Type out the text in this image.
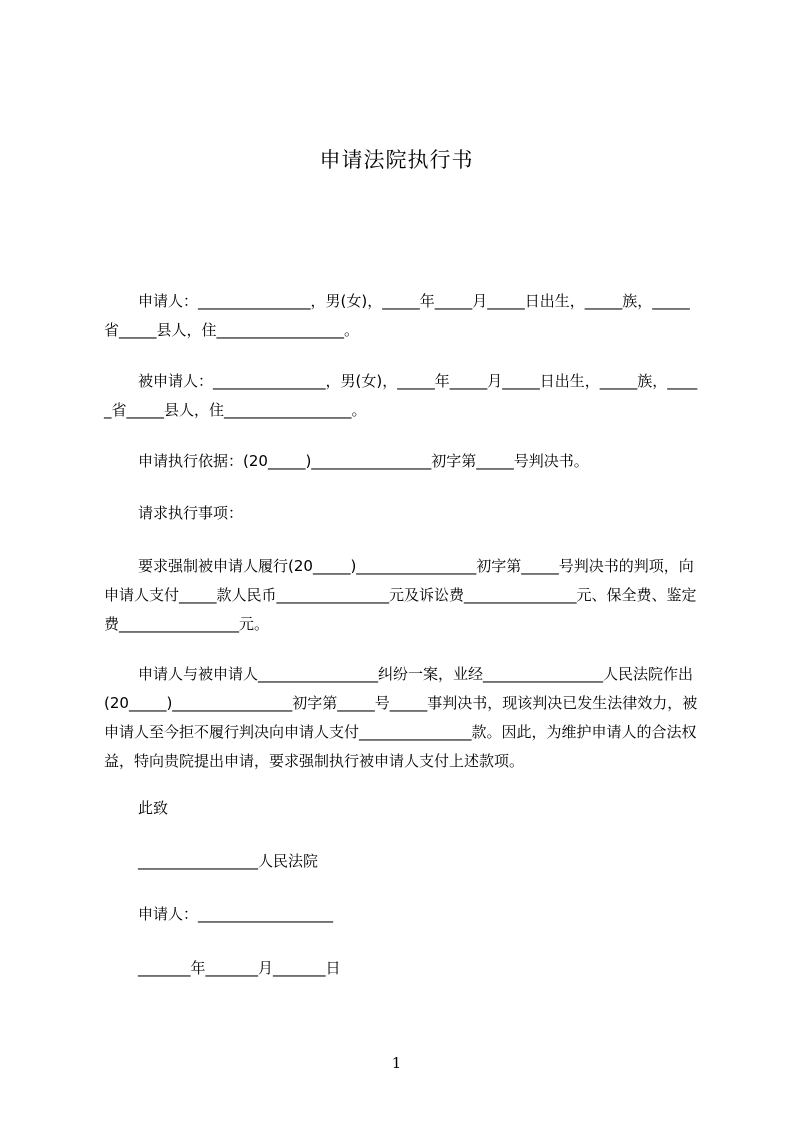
申请法院执行书
申请人：_______________，男(女)，_____年_____月_____日出生，_____族，_____省_____县人，住_________________。
被申请人：_______________，男(女)，_____年_____月_____日出生，_____族，_____省_____县人，住_________________。
申请执行依据：(20_____)________________初字第_____号判决书。
请求执行事项：
要求强制被申请人履行(20_____)________________初字第_____号判决书的判项，向申请人支付_____款人民币_______________元及诉讼费_______________元、保全费、鉴定费________________元。
申请人与被申请人________________纠纷一案，业经________________人民法院作出(20_____)________________初字第_____号_____事判决书，现该判决已发生法律效力，被申请人至今拒不履行判决向申请人支付_______________款。因此，为维护申请人的合法权益，特向贵院提出申请，要求强制执行被申请人支付上述款项。
此致
________________人民法院
申请人：__________________
_______年_______月_______日
1
